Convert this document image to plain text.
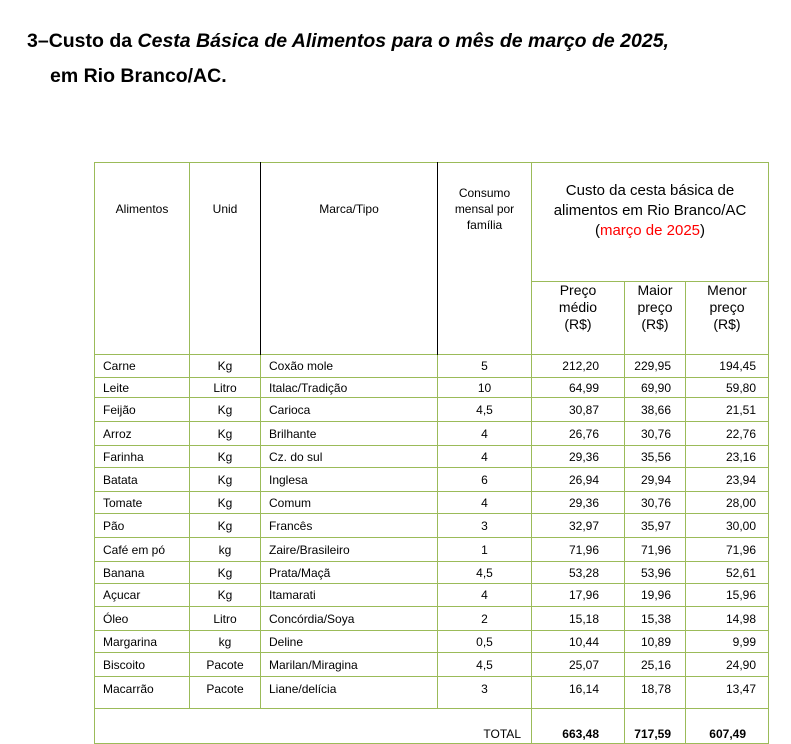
3–Custo da Cesta Básica de Alimentos para o mês de março de 2025,
em Rio Branco/AC.
Alimentos	Unid	Marca/Tipo	Consumo mensal por família	Custo da cesta básica de alimentos em Rio Branco/AC
(março de 2025)		

				Preço médio (R$)	Maior preço (R$)	Menor preço (R$)
Carne	Kg	Coxão mole	5	212,20	229,95	194,45
Leite	Litro	Italac/Tradição	10	64,99	69,90	59,80
Feijão	Kg	Carioca	4,5	30,87	38,66	21,51
Arroz	Kg	Brilhante	4	26,76	30,76	22,76
Farinha	Kg	Cz. do sul	4	29,36	35,56	23,16
Batata	Kg	Inglesa	6	26,94	29,94	23,94
Tomate	Kg	Comum	4	29,36	30,76	28,00
Pão	Kg	Francês	3	32,97	35,97	30,00
Café em pó	kg	Zaire/Brasileiro	1	71,96	71,96	71,96
Banana	Kg	Prata/Maçã	4,5	53,28	53,96	52,61
Açucar	Kg	Itamarati	4	17,96	19,96	15,96
Óleo	Litro	Concórdia/Soya	2	15,18	15,38	14,98
Margarina	kg	Deline	0,5	10,44	10,89	9,99
Biscoito	Pacote	Marilan/Miragina	4,5	25,07	25,16	24,90
Macarrão	Pacote	Liane/delícia	3	16,14	18,78	13,47

TOTAL				663,48	717,59	607,49
